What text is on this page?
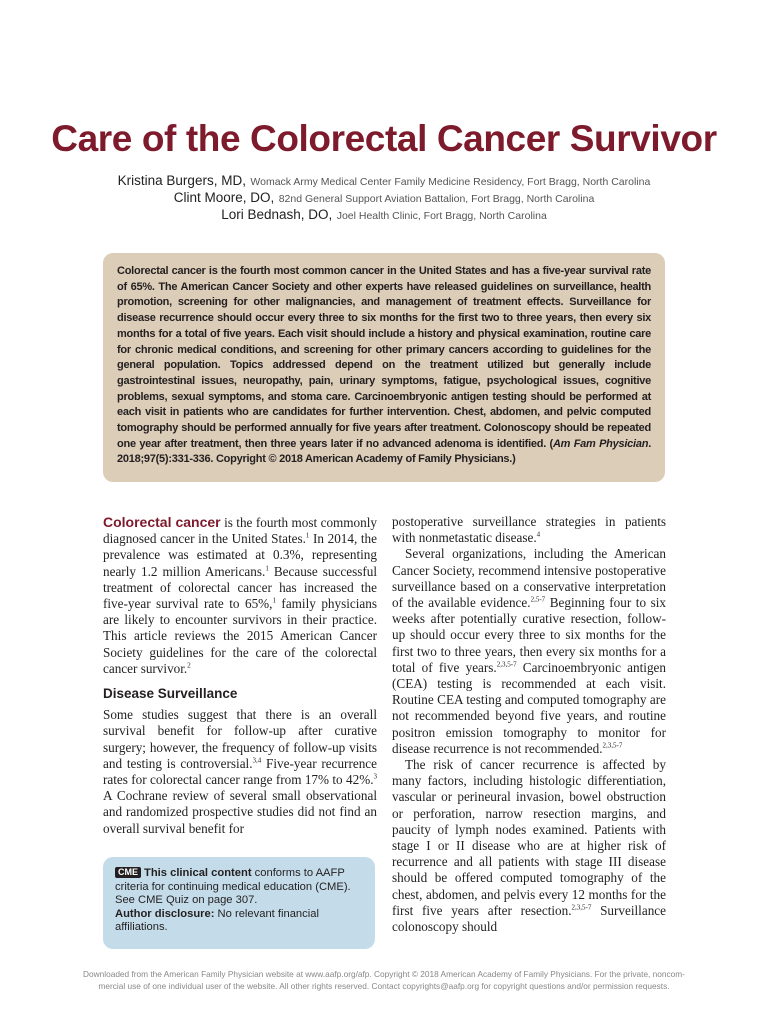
Care of the Colorectal Cancer Survivor
Kristina Burgers, MD, Womack Army Medical Center Family Medicine Residency, Fort Bragg, North Carolina
Clint Moore, DO, 82nd General Support Aviation Battalion, Fort Bragg, North Carolina
Lori Bednash, DO, Joel Health Clinic, Fort Bragg, North Carolina

Colorectal cancer is the fourth most common cancer in the United States and has a five-year survival rate of 65%. The American Cancer Society and other experts have released guidelines on surveillance, health promotion, screening for other malignancies, and management of treatment effects. Surveillance for disease recurrence should occur every three to six months for the first two to three years, then every six months for a total of five years. Each visit should include a history and physical examination, routine care for chronic medical conditions, and screening for other primary cancers according to guidelines for the general population. Topics addressed depend on the treatment utilized but generally include gastrointestinal issues, neuropathy, pain, urinary symptoms, fatigue, psychological issues, cognitive problems, sexual symptoms, and stoma care. Carcinoembryonic antigen testing should be performed at each visit in patients who are candidates for further intervention. Chest, abdomen, and pelvic computed tomography should be performed annually for five years after treatment. Colonoscopy should be repeated one year after treatment, then three years later if no advanced adenoma is identified. (Am Fam Physician. 2018;97(5):331-336. Copyright © 2018 American Academy of Family Physicians.)

Colorectal cancer is the fourth most commonly diagnosed cancer in the United States.$^1$ In 2014, the prevalence was estimated at 0.3%, representing nearly 1.2 million Americans.$^1$ Because successful treatment of colorectal cancer has increased the five-year survival rate to 65%,$^1$ family physicians are likely to encounter survivors in their practice. This article reviews the 2015 American Cancer Society guidelines for the care of the colorectal cancer survivor.$^2$

Disease Surveillance

Some studies suggest that there is an overall survival benefit for follow-up after curative surgery; however, the frequency of follow-up visits and testing is controversial.$^{3,4}$ Five-year recurrence rates for colorectal cancer range from 17% to 42%.$^3$ A Cochrane review of several small observational and randomized prospective studies did not find an overall survival benefit for

postoperative surveillance strategies in patients with nonmetastatic disease.$^4$

Several organizations, including the American Cancer Society, recommend intensive postoperative surveillance based on a conservative interpretation of the available evidence.$^{2,5-7}$ Beginning four to six weeks after potentially curative resection, follow-up should occur every three to six months for the first two to three years, then every six months for a total of five years.$^{2,3,5-7}$ Carcinoembryonic antigen (CEA) testing is recommended at each visit. Routine CEA testing and computed tomography are not recommended beyond five years, and routine positron emission tomography to monitor for disease recurrence is not recommended.$^{2,3,5-7}$

The risk of cancer recurrence is affected by many factors, including histologic differentiation, vascular or perineural invasion, bowel obstruction or perforation, narrow resection margins, and paucity of lymph nodes examined. Patients with stage I or II disease who are at higher risk of recurrence and all patients with stage III disease should be offered computed tomography of the chest, abdomen, and pelvis every 12 months for the first five years after resection.$^{2,3,5-7}$ Surveillance colonoscopy should

CME This clinical content conforms to AAFP criteria for continuing medical education (CME). See CME Quiz on page 307.

Author disclosure: No relevant financial affiliations.

Downloaded from the American Family Physician website at www.aafp.org/afp. Copyright © 2018 American Academy of Family Physicians. For the private, noncom-
mercial use of one individual user of the website. All other rights reserved. Contact copyrights@aafp.org for copyright questions and/or permission requests.
